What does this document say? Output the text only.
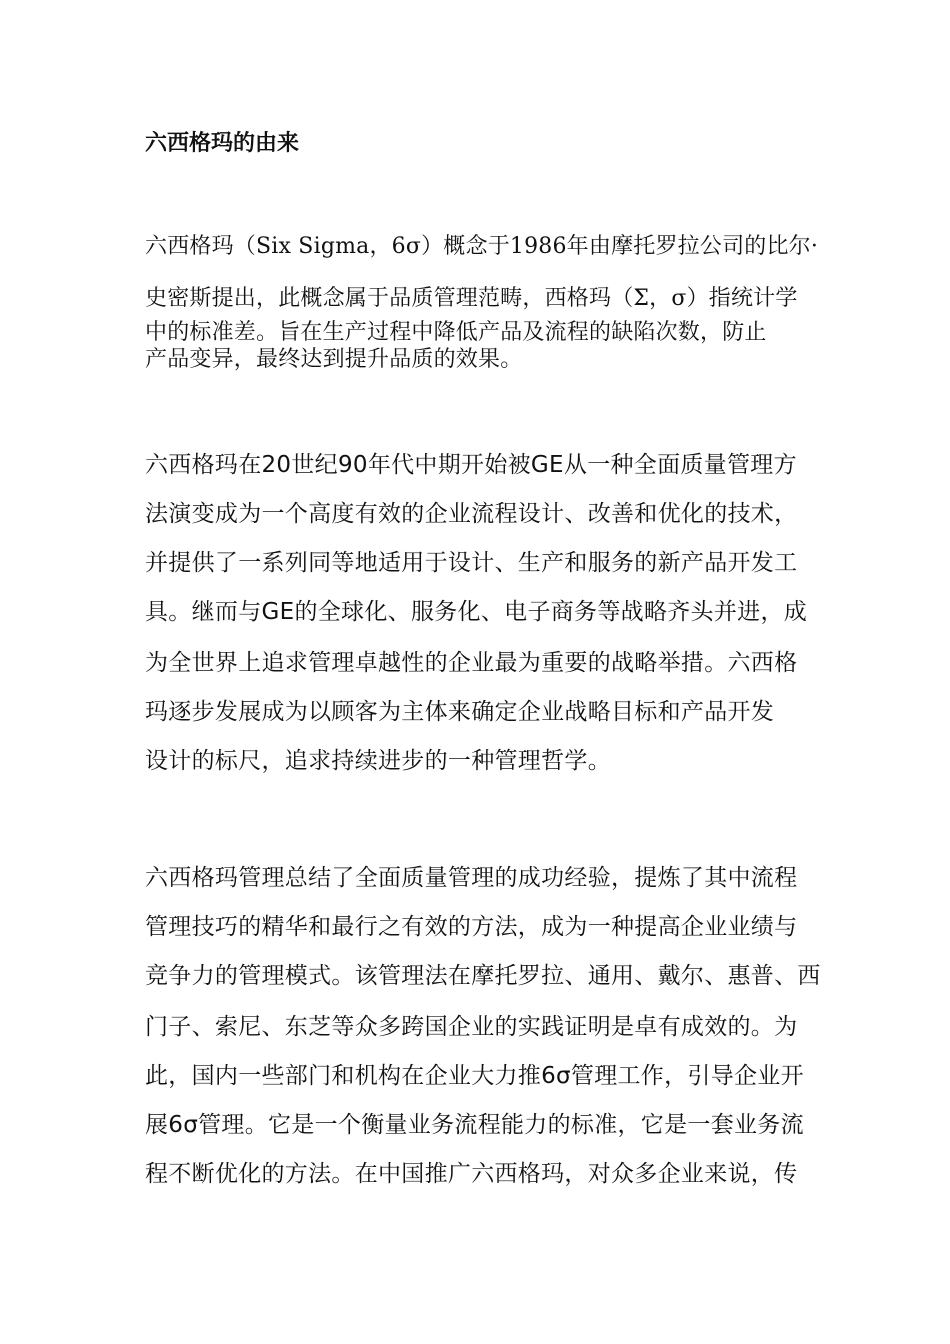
六西格玛的由来

六西格玛（Six Sigma，6σ）概念于1986年由摩托罗拉公司的比尔·

史密斯提出，此概念属于品质管理范畴，西格玛（Σ，σ）指统计学

中的标准差。旨在生产过程中降低产品及流程的缺陷次数，防止

产品变异，最终达到提升品质的效果。

六西格玛在20世纪90年代中期开始被GE从一种全面质量管理方

法演变成为一个高度有效的企业流程设计、改善和优化的技术，

并提供了一系列同等地适用于设计、生产和服务的新产品开发工

具。继而与GE的全球化、服务化、电子商务等战略齐头并进，成

为全世界上追求管理卓越性的企业最为重要的战略举措。六西格

玛逐步发展成为以顾客为主体来确定企业战略目标和产品开发

设计的标尺，追求持续进步的一种管理哲学。

六西格玛管理总结了全面质量管理的成功经验，提炼了其中流程

管理技巧的精华和最行之有效的方法，成为一种提高企业业绩与

竞争力的管理模式。该管理法在摩托罗拉、通用、戴尔、惠普、西

门子、索尼、东芝等众多跨国企业的实践证明是卓有成效的。为

此，国内一些部门和机构在企业大力推6σ管理工作，引导企业开

展6σ管理。它是一个衡量业务流程能力的标准，它是一套业务流

程不断优化的方法。在中国推广六西格玛，对众多企业来说，传
